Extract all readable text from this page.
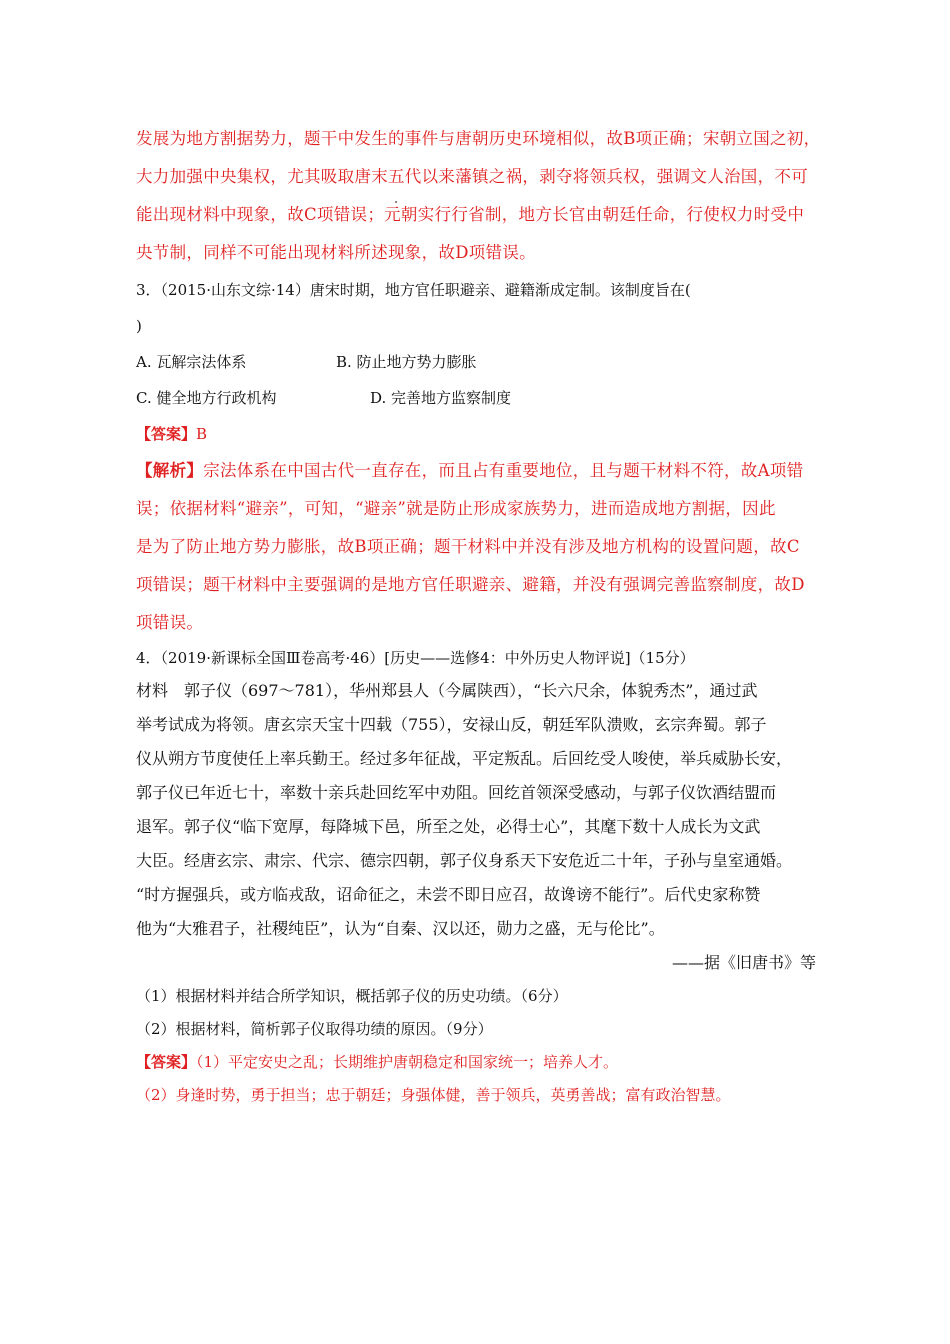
发展为地方割据势力，题干中发生的事件与唐朝历史环境相似，故B项正确；宋朝立国之初，

大力加强中央集权，尤其吸取唐末五代以来藩镇之祸，剥夺将领兵权，强调文人治国，不可

能出现材料中现象，故C项错误；元朝实行行省制，地方长官由朝廷任命，行使权力时受中

央节制，同样不可能出现材料所述现象，故D项错误。

3．（2015·山东文综·14）唐宋时期，地方官任职避亲、避籍渐成定制。该制度旨在(

)

A. 瓦解宗法体系	B. 防止地方势力膨胀
C. 健全地方行政机构	D. 完善地方监察制度

【答案】B

【解析】宗法体系在中国古代一直存在，而且占有重要地位，且与题干材料不符，故A项错

误；依据材料“避亲”，可知，“避亲”就是防止形成家族势力，进而造成地方割据，因此

是为了防止地方势力膨胀，故B项正确；题干材料中并没有涉及地方机构的设置问题，故C

项错误；题干材料中主要强调的是地方官任职避亲、避籍，并没有强调完善监察制度，故D

项错误。

4．（2019·新课标全国Ⅲ卷高考·46）[历史——选修4：中外历史人物评说]（15分）

材料　郭子仪（697～781），华州郑县人（今属陕西），“长六尺余，体貌秀杰”，通过武

举考试成为将领。唐玄宗天宝十四载（755），安禄山反，朝廷军队溃败，玄宗奔蜀。郭子

仪从朔方节度使任上率兵勤王。经过多年征战，平定叛乱。后回纥受人唆使，举兵威胁长安，

郭子仪已年近七十，率数十亲兵赴回纥军中劝阻。回纥首领深受感动，与郭子仪饮酒结盟而

退军。郭子仪“临下宽厚，每降城下邑，所至之处，必得士心”，其麾下数十人成长为文武

大臣。经唐玄宗、肃宗、代宗、德宗四朝，郭子仪身系天下安危近二十年，子孙与皇室通婚。

“时方握强兵，或方临戎敌，诏命征之，未尝不即日应召，故谗谤不能行”。后代史家称赞

他为“大雅君子，社稷纯臣”，认为“自秦、汉以还，勋力之盛，无与伦比”。

——据《旧唐书》等

（1）根据材料并结合所学知识，概括郭子仪的历史功绩。（6分）

（2）根据材料，简析郭子仪取得功绩的原因。（9分）

【答案】（1）平定安史之乱；长期维护唐朝稳定和国家统一；培养人才。

（2）身逢时势，勇于担当；忠于朝廷；身强体健，善于领兵，英勇善战；富有政治智慧。
